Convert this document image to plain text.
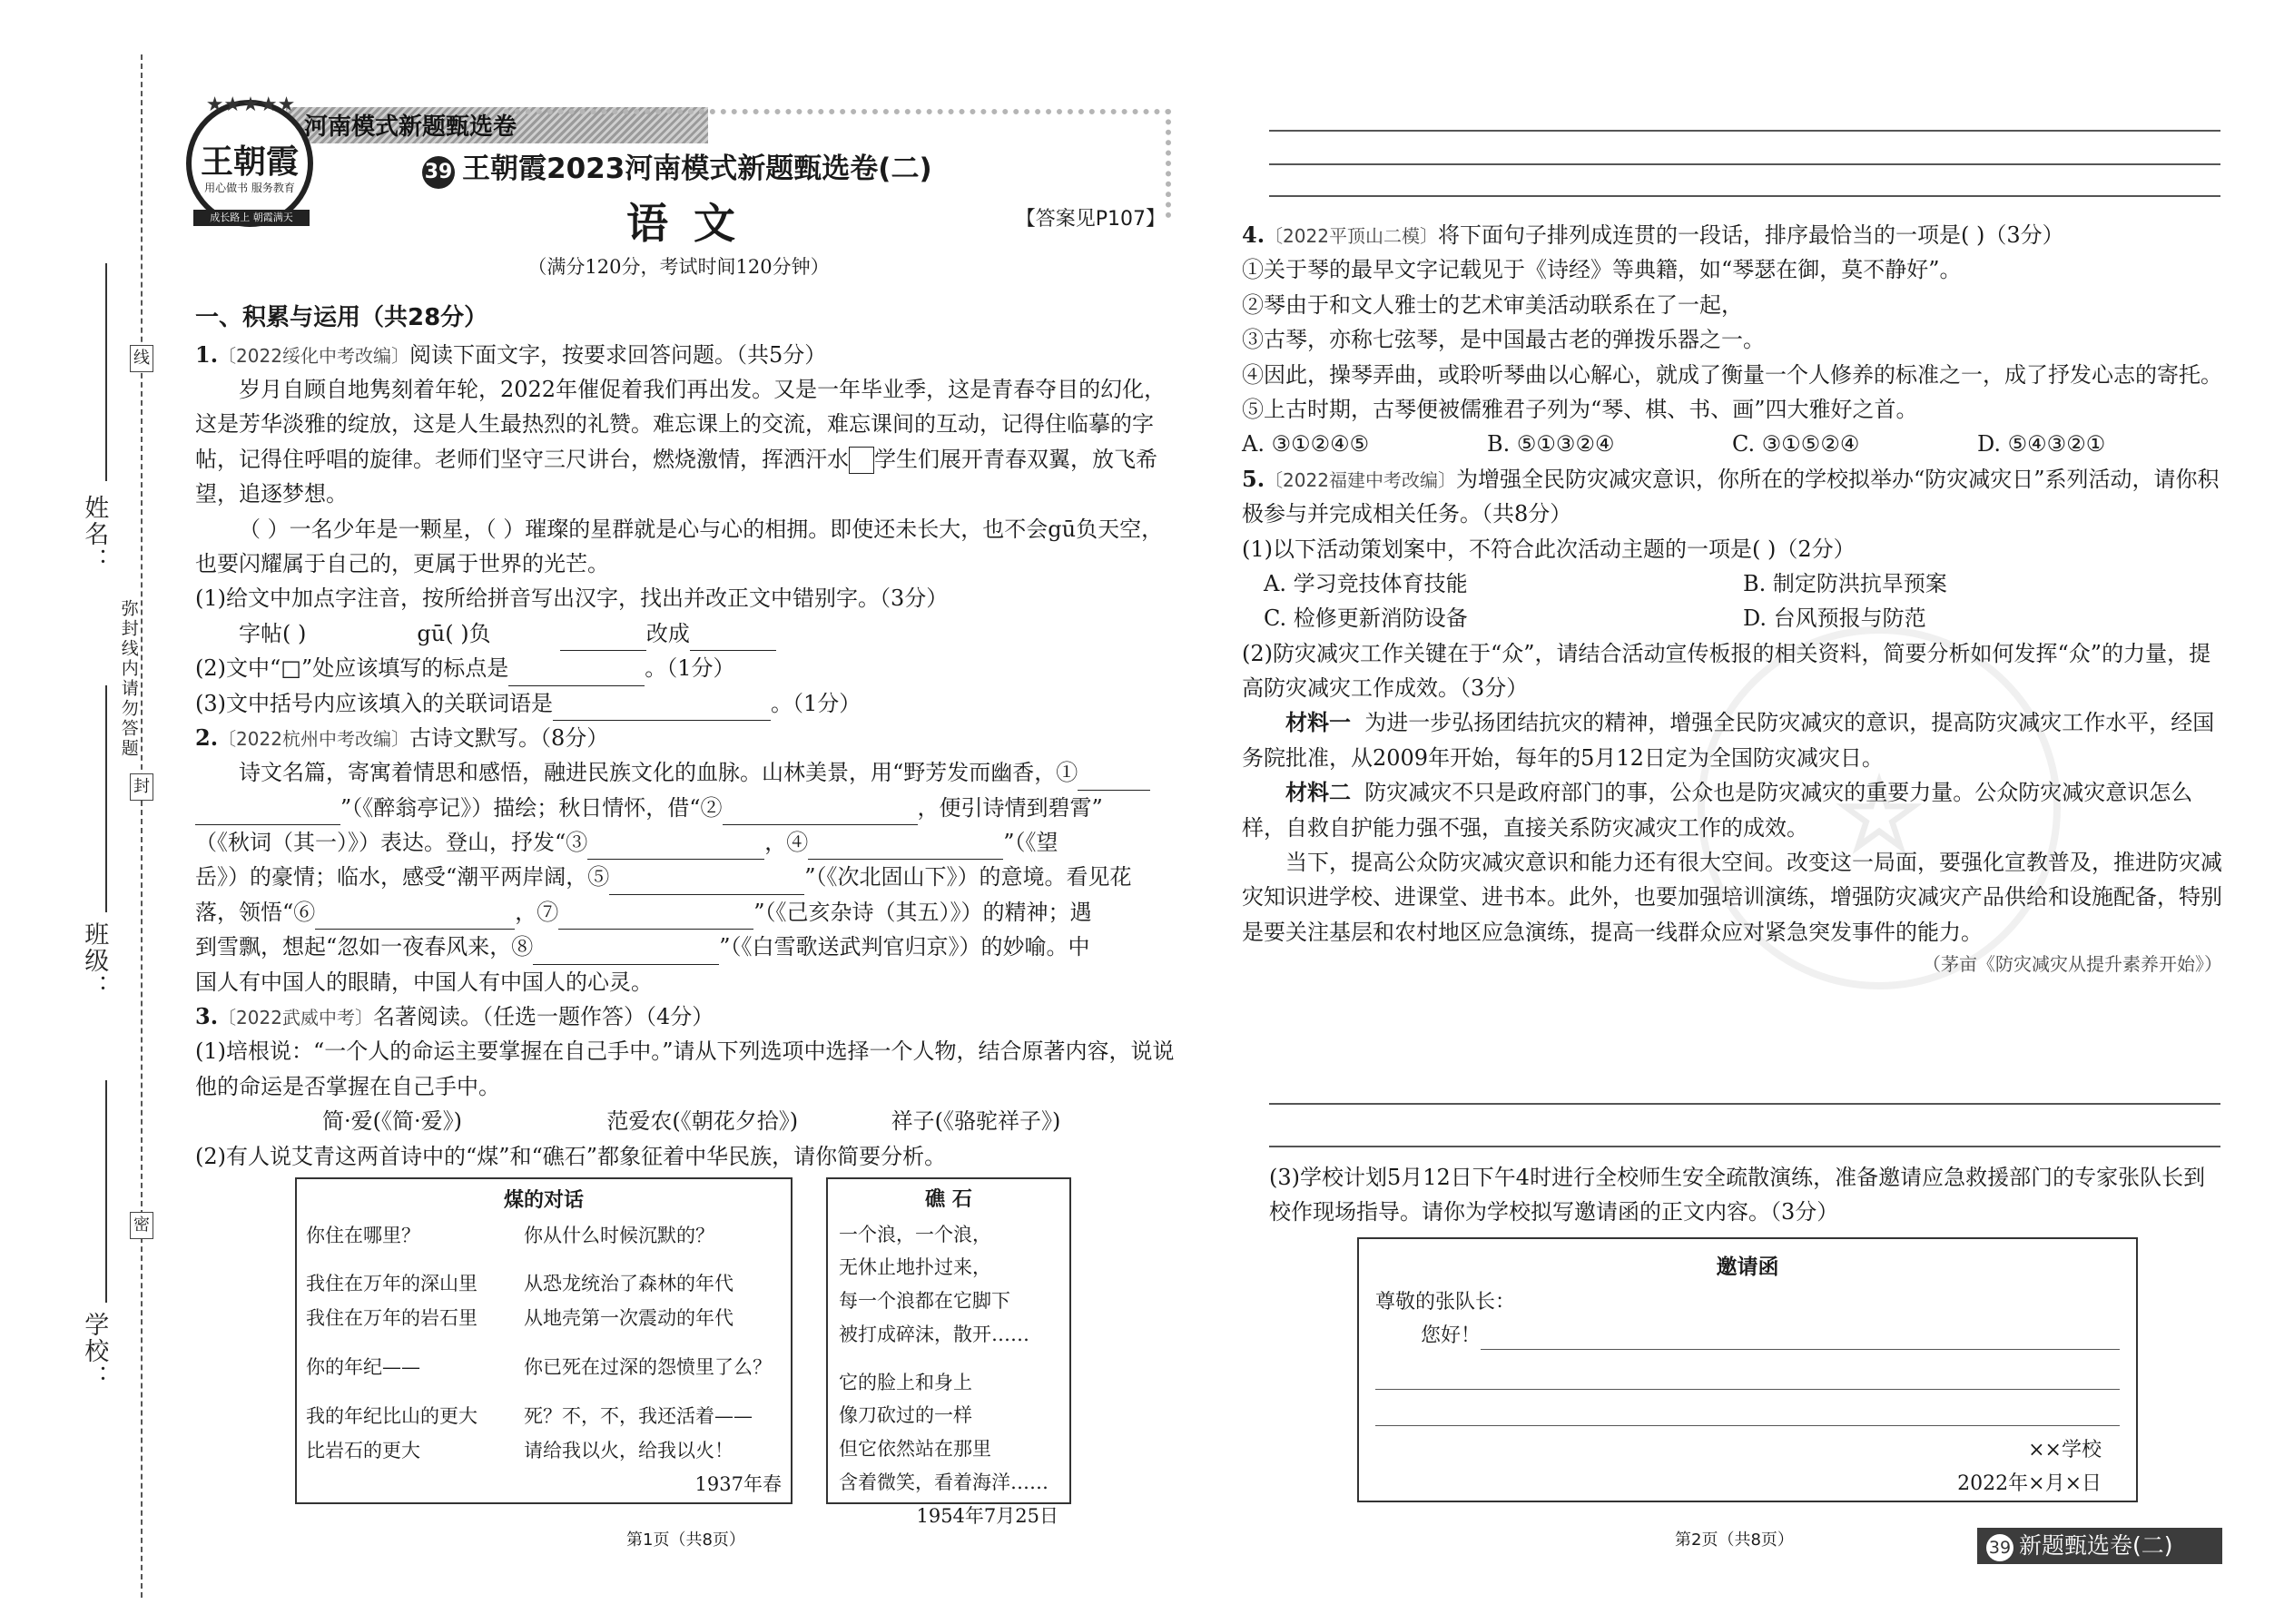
姓名：
班级：
学校：
线
封
密
弥封线内请勿答题
河南模式新题甄选卷
★★★★★
王朝霞
用心做书 服务教育
成长路上 朝霞满天
39 王朝霞2023河南模式新题甄选卷(二)
语文	【答案见P107】
（满分120分，考试时间120分钟）
一、积累与运用（共28分）
1.〔2022绥化中考改编〕阅读下面文字，按要求回答问题。（共5分）
岁月自顾自地隽刻着年轮，2022年催促着我们再出发。又是一年毕业季，这是青春夺目的幻化，这是芳华淡雅的绽放，这是人生最热烈的礼赞。难忘课上的交流，难忘课间的互动，记得住临摹的字帖，记得住呼唱的旋律。老师们坚守三尺讲台，燃烧激情，挥洒汗水 学生们展开青春双翼，放飞希望，追逐梦想。
（ ）一名少年是一颗星，（ ）璀璨的星群就是心与心的相拥。即使还未长大，也不会gū负天空，也要闪耀属于自己的，更属于世界的光芒。
(1)给文中加点字注音，按所给拼音写出汉字，找出并改正文中错别字。（3分）
字帖( )	gū( )负	改成
(2)文中“□”处应该填写的标点是	。（1分）
(3)文中括号内应该填入的关联词语是	。（1分）
2.〔2022杭州中考改编〕古诗文默写。（8分）
诗文名篇，寄寓着情思和感悟，融进民族文化的血脉。山林美景，用“野芳发而幽香，①
”（《醉翁亭记》）描绘；秋日情怀，借“②	，便引诗情到碧霄”
（《秋词（其一）》）表达。登山，抒发“③	，④	”（《望
岳》）的豪情；临水，感受“潮平两岸阔，⑤	”（《次北固山下》）的意境。看见花
落，领悟“⑥	，⑦	”（《己亥杂诗（其五）》）的精神；遇
到雪飘，想起“忽如一夜春风来，⑧	”（《白雪歌送武判官归京》）的妙喻。中
国人有中国人的眼睛，中国人有中国人的心灵。
3.〔2022武威中考〕名著阅读。（任选一题作答）（4分）
(1)培根说：“一个人的命运主要掌握在自己手中。”请从下列选项中选择一个人物，结合原著内容，说说他的命运是否掌握在自己手中。
简·爱(《简·爱》)	范爱农(《朝花夕拾》)	祥子(《骆驼祥子》)
(2)有人说艾青这两首诗中的“煤”和“礁石”都象征着中华民族，请你简要分析。
煤的对话
你住在哪里？	你从什么时候沉默的？
我住在万年的深山里	从恐龙统治了森林的年代
我住在万年的岩石里	从地壳第一次震动的年代
你的年纪——	你已死在过深的怨愤里了么？
我的年纪比山的更大	死？不，不，我还活着——
比岩石的更大	请给我以火，给我以火！
1937年春
礁 石
一个浪，一个浪，
无休止地扑过来，
每一个浪都在它脚下
被打成碎沫，散开……
它的脸上和身上
像刀砍过的一样
但它依然站在那里
含着微笑，看着海洋……
1954年7月25日
第1页（共8页）
☆
4.〔2022平顶山二模〕将下面句子排列成连贯的一段话，排序最恰当的一项是( )（3分）
①关于琴的最早文字记载见于《诗经》等典籍，如“琴瑟在御，莫不静好”。
②琴由于和文人雅士的艺术审美活动联系在了一起，
③古琴，亦称七弦琴，是中国最古老的弹拨乐器之一。
④因此，操琴弄曲，或聆听琴曲以心解心，就成了衡量一个人修养的标准之一，成了抒发心志的寄托。
⑤上古时期，古琴便被儒雅君子列为“琴、棋、书、画”四大雅好之首。
A. ③①②④⑤	B. ⑤①③②④	C. ③①⑤②④	D. ⑤④③②①
5.〔2022福建中考改编〕为增强全民防灾减灾意识，你所在的学校拟举办“防灾减灾日”系列活动，请你积极参与并完成相关任务。（共8分）
(1)以下活动策划案中，不符合此次活动主题的一项是( )（2分）
A. 学习竞技体育技能	B. 制定防洪抗旱预案
C. 检修更新消防设备	D. 台风预报与防范
(2)防灾减灾工作关键在于“众”，请结合活动宣传板报的相关资料，简要分析如何发挥“众”的力量，提高防灾减灾工作成效。（3分）
材料一 为进一步弘扬团结抗灾的精神，增强全民防灾减灾的意识，提高防灾减灾工作水平，经国务院批准，从2009年开始，每年的5月12日定为全国防灾减灾日。
材料二 防灾减灾不只是政府部门的事，公众也是防灾减灾的重要力量。公众防灾减灾意识怎么样，自救自护能力强不强，直接关系防灾减灾工作的成效。
当下，提高公众防灾减灾意识和能力还有很大空间。改变这一局面，要强化宣教普及，推进防灾减灾知识进学校、进课堂、进书本。此外，也要加强培训演练，增强防灾减灾产品供给和设施配备，特别是要关注基层和农村地区应急演练，提高一线群众应对紧急突发事件的能力。
（茅亩《防灾减灾从提升素养开始》）
(3)学校计划5月12日下午4时进行全校师生安全疏散演练，准备邀请应急救援部门的专家张队长到校作现场指导。请你为学校拟写邀请函的正文内容。（3分）
邀请函
尊敬的张队长：
您好！
××学校
2022年×月×日
第2页（共8页）	39 新题甄选卷(二)
